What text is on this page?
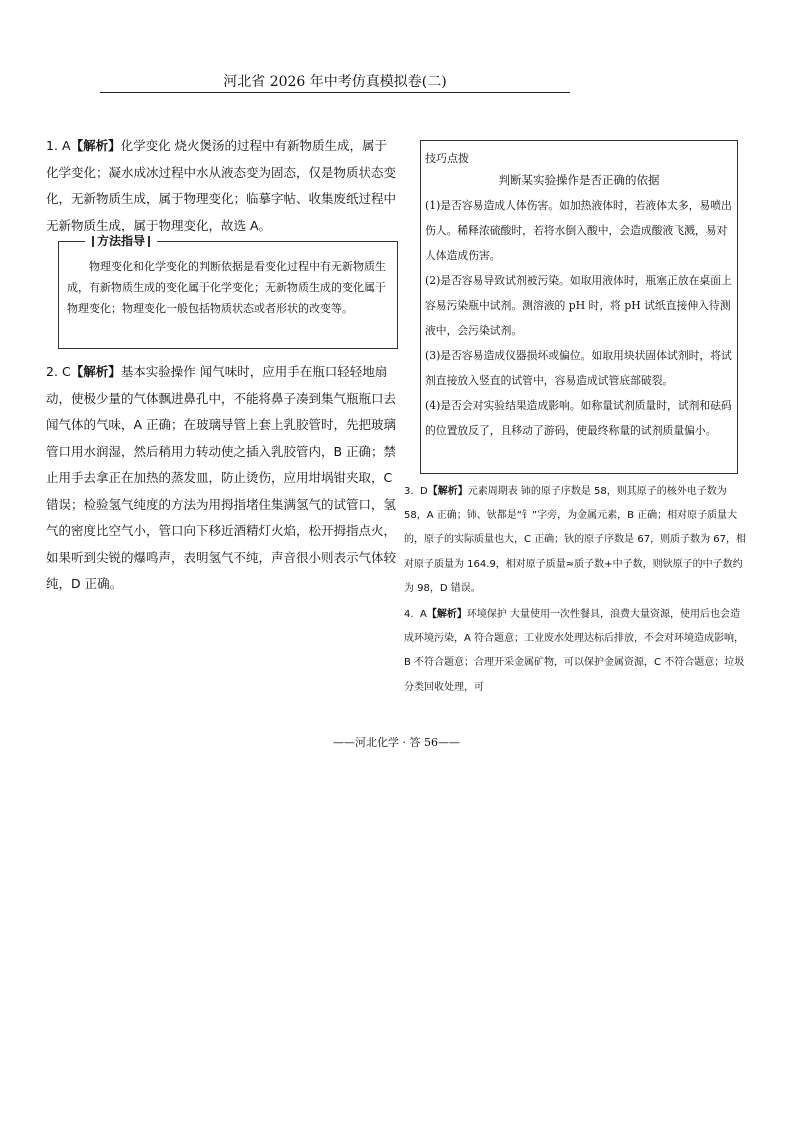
河北省 2026 年中考仿真模拟卷(二)

1. A【解析】化学变化 烧火煲汤的过程中有新物质生成，属于化学变化；凝水成冰过程中水从液态变为固态，仅是物质状态变化，无新物质生成，属于物理变化；临摹字帖、收集废纸过程中无新物质生成，属于物理变化，故选 A。

方法指导
物理变化和化学变化的判断依据是看变化过程中有无新物质生成，有新物质生成的变化属于化学变化；无新物质生成的变化属于物理变化；物理变化一般包括物质状态或者形状的改变等。

2. C【解析】基本实验操作 闻气味时，应用手在瓶口轻轻地扇动，使极少量的气体飘进鼻孔中，不能将鼻子凑到集气瓶瓶口去闻气体的气味，A 正确；在玻璃导管上套上乳胶管时，先把玻璃管口用水润湿，然后稍用力转动使之插入乳胶管内，B 正确；禁止用手去拿正在加热的蒸发皿，防止烫伤，应用坩埚钳夹取，C 错误；检验氢气纯度的方法为用拇指堵住集满氢气的试管口，氢气的密度比空气小，管口向下移近酒精灯火焰，松开拇指点火，如果听到尖锐的爆鸣声，表明氢气不纯，声音很小则表示气体较纯，D 正确。

技巧点拨
判断某实验操作是否正确的依据

(1)是否容易造成人体伤害。如加热液体时，若液体太多，易喷出伤人。稀释浓硫酸时，若将水倒入酸中，会造成酸液飞溅，易对人体造成伤害。

(2)是否容易导致试剂被污染。如取用液体时，瓶塞正放在桌面上容易污染瓶中试剂。测溶液的 pH 时，将 pH 试纸直接伸入待测液中，会污染试剂。

(3)是否容易造成仪器损坏或偏位。如取用块状固体试剂时，将试剂直接放入竖直的试管中，容易造成试管底部破裂。

(4)是否会对实验结果造成影响。如称量试剂质量时，试剂和砝码的位置放反了，且移动了游码，使最终称量的试剂质量偏小。

3. D【解析】元素周期表 铈的原子序数是 58，则其原子的核外电子数为 58，A 正确；铈、钬都是“钅”字旁，为金属元素，B 正确；相对原子质量大的，原子的实际质量也大，C 正确；钬的原子序数是 67，则质子数为 67，相对原子质量为 164.9，相对原子质量≈质子数+中子数，则钬原子的中子数约为 98，D 错误。

4. A【解析】环境保护 大量使用一次性餐具，浪费大量资源，使用后也会造成环境污染，A 符合题意；工业废水处理达标后排放，不会对环境造成影响，B 不符合题意；合理开采金属矿物，可以保护金属资源，C 不符合题意；垃圾分类回收处理，可

——河北化学 · 答 56——
